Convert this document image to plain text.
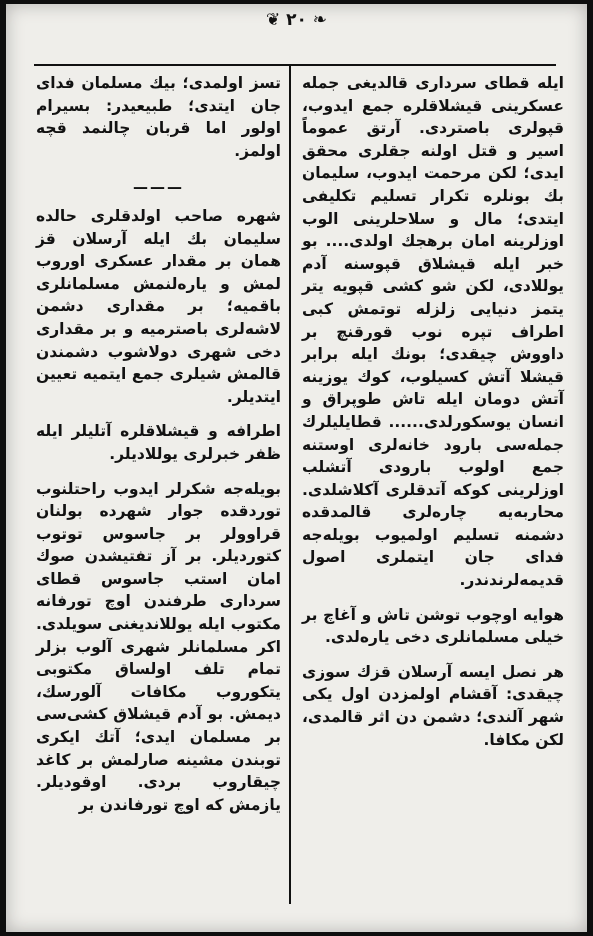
❦ ۲۰ ❧

ایله قطای سرداری قالدیغی جمله عسکرینی قیشلاقلره جمع ایدوب، قپولری باصتردی. آرتق عموماً اسیر و قتل اولنه جقلری محقق ایدی؛ لکن مرحمت ایدوب، سلیمان بك بونلره تکرار تسلیم تکلیفی ایتدی؛ مال و سلاحلرینی الوب اوزلرینه امان برهجك اولدی.... بو خبر ایله قیشلاق قپوسنه آدم یوللادی، لکن شو کشی قپویه یتر یتمز دنیایی زلزله توتمش کبی اطراف تپره نوب قورقنچ بر داووش چیقدی؛ بونك ایله برابر قیشلا آتش کسیلوب، کوك یوزینه آتش دومان ایله تاش طوپراق و انسان یوسکورلدی...... قطایلیلرك جمله‌سی بارود خانه‌لری اوستنه جمع اولوب بارودی آتشلب اوزلرینی کوکه آتدقلری آکلاشلدی. محاربه‌یه چاره‌لری قالمدقده دشمنه تسلیم اولمیوب بویله‌جه فدای جان ایتملری اصول قدیمه‌لرندندر.

هوایه اوچوب توشن تاش و آغاچ بر خیلی مسلمانلری دخی یاره‌لدی.

هر نصل ایسه آرسلان قزك سوزی چیقدی: آقشام اولمزدن اول یکی شهر آلندی؛ دشمن دن اثر قالمدی، لکن مکافا.

تسز اولمدی؛ بیك مسلمان فدای جان ایتدی؛ طبیعیدر: بسیرام اولور اما قربان چالنمد قچه اولمز.

———

شهره صاحب اولدقلری حالده سلیمان بك ایله آرسلان قز همان بر مقدار عسکری اوروب لمش و یاره‌لنمش مسلمانلری باقمیه؛ بر مقداری دشمن لاشه‌لری باصترمیه و بر مقداری دخی شهری دولاشوب دشمندن قالمش شیلری جمع ایتمیه تعیین ایتدیلر.

اطرافه و قیشلاقلره آتلیلر ایله ظفر خبرلری یوللادیلر.

بویله‌جه شکرلر ایدوب راحتلنوب توردقده جوار شهرده بولنان قراوولر بر جاسوس توتوب کتوردیلر. بر آز تفتیشدن صوك امان استب جاسوس قطای سرداری طرفندن اوچ تورفانه مکتوب ایله یوللاندیغنی سویلدی. اکر مسلمانلر شهری آلوب بزلر تمام تلف اولساق مکتوبی یتکوروب مکافات آلورسك، دیمش. بو آدم قیشلاق کشی‌سی بر مسلمان ایدی؛ آتك ایکری توبندن مشینه صارلمش بر کاغد چیقاروب بردی. اوقودیلر. یازمش که اوچ تورفاندن بر
